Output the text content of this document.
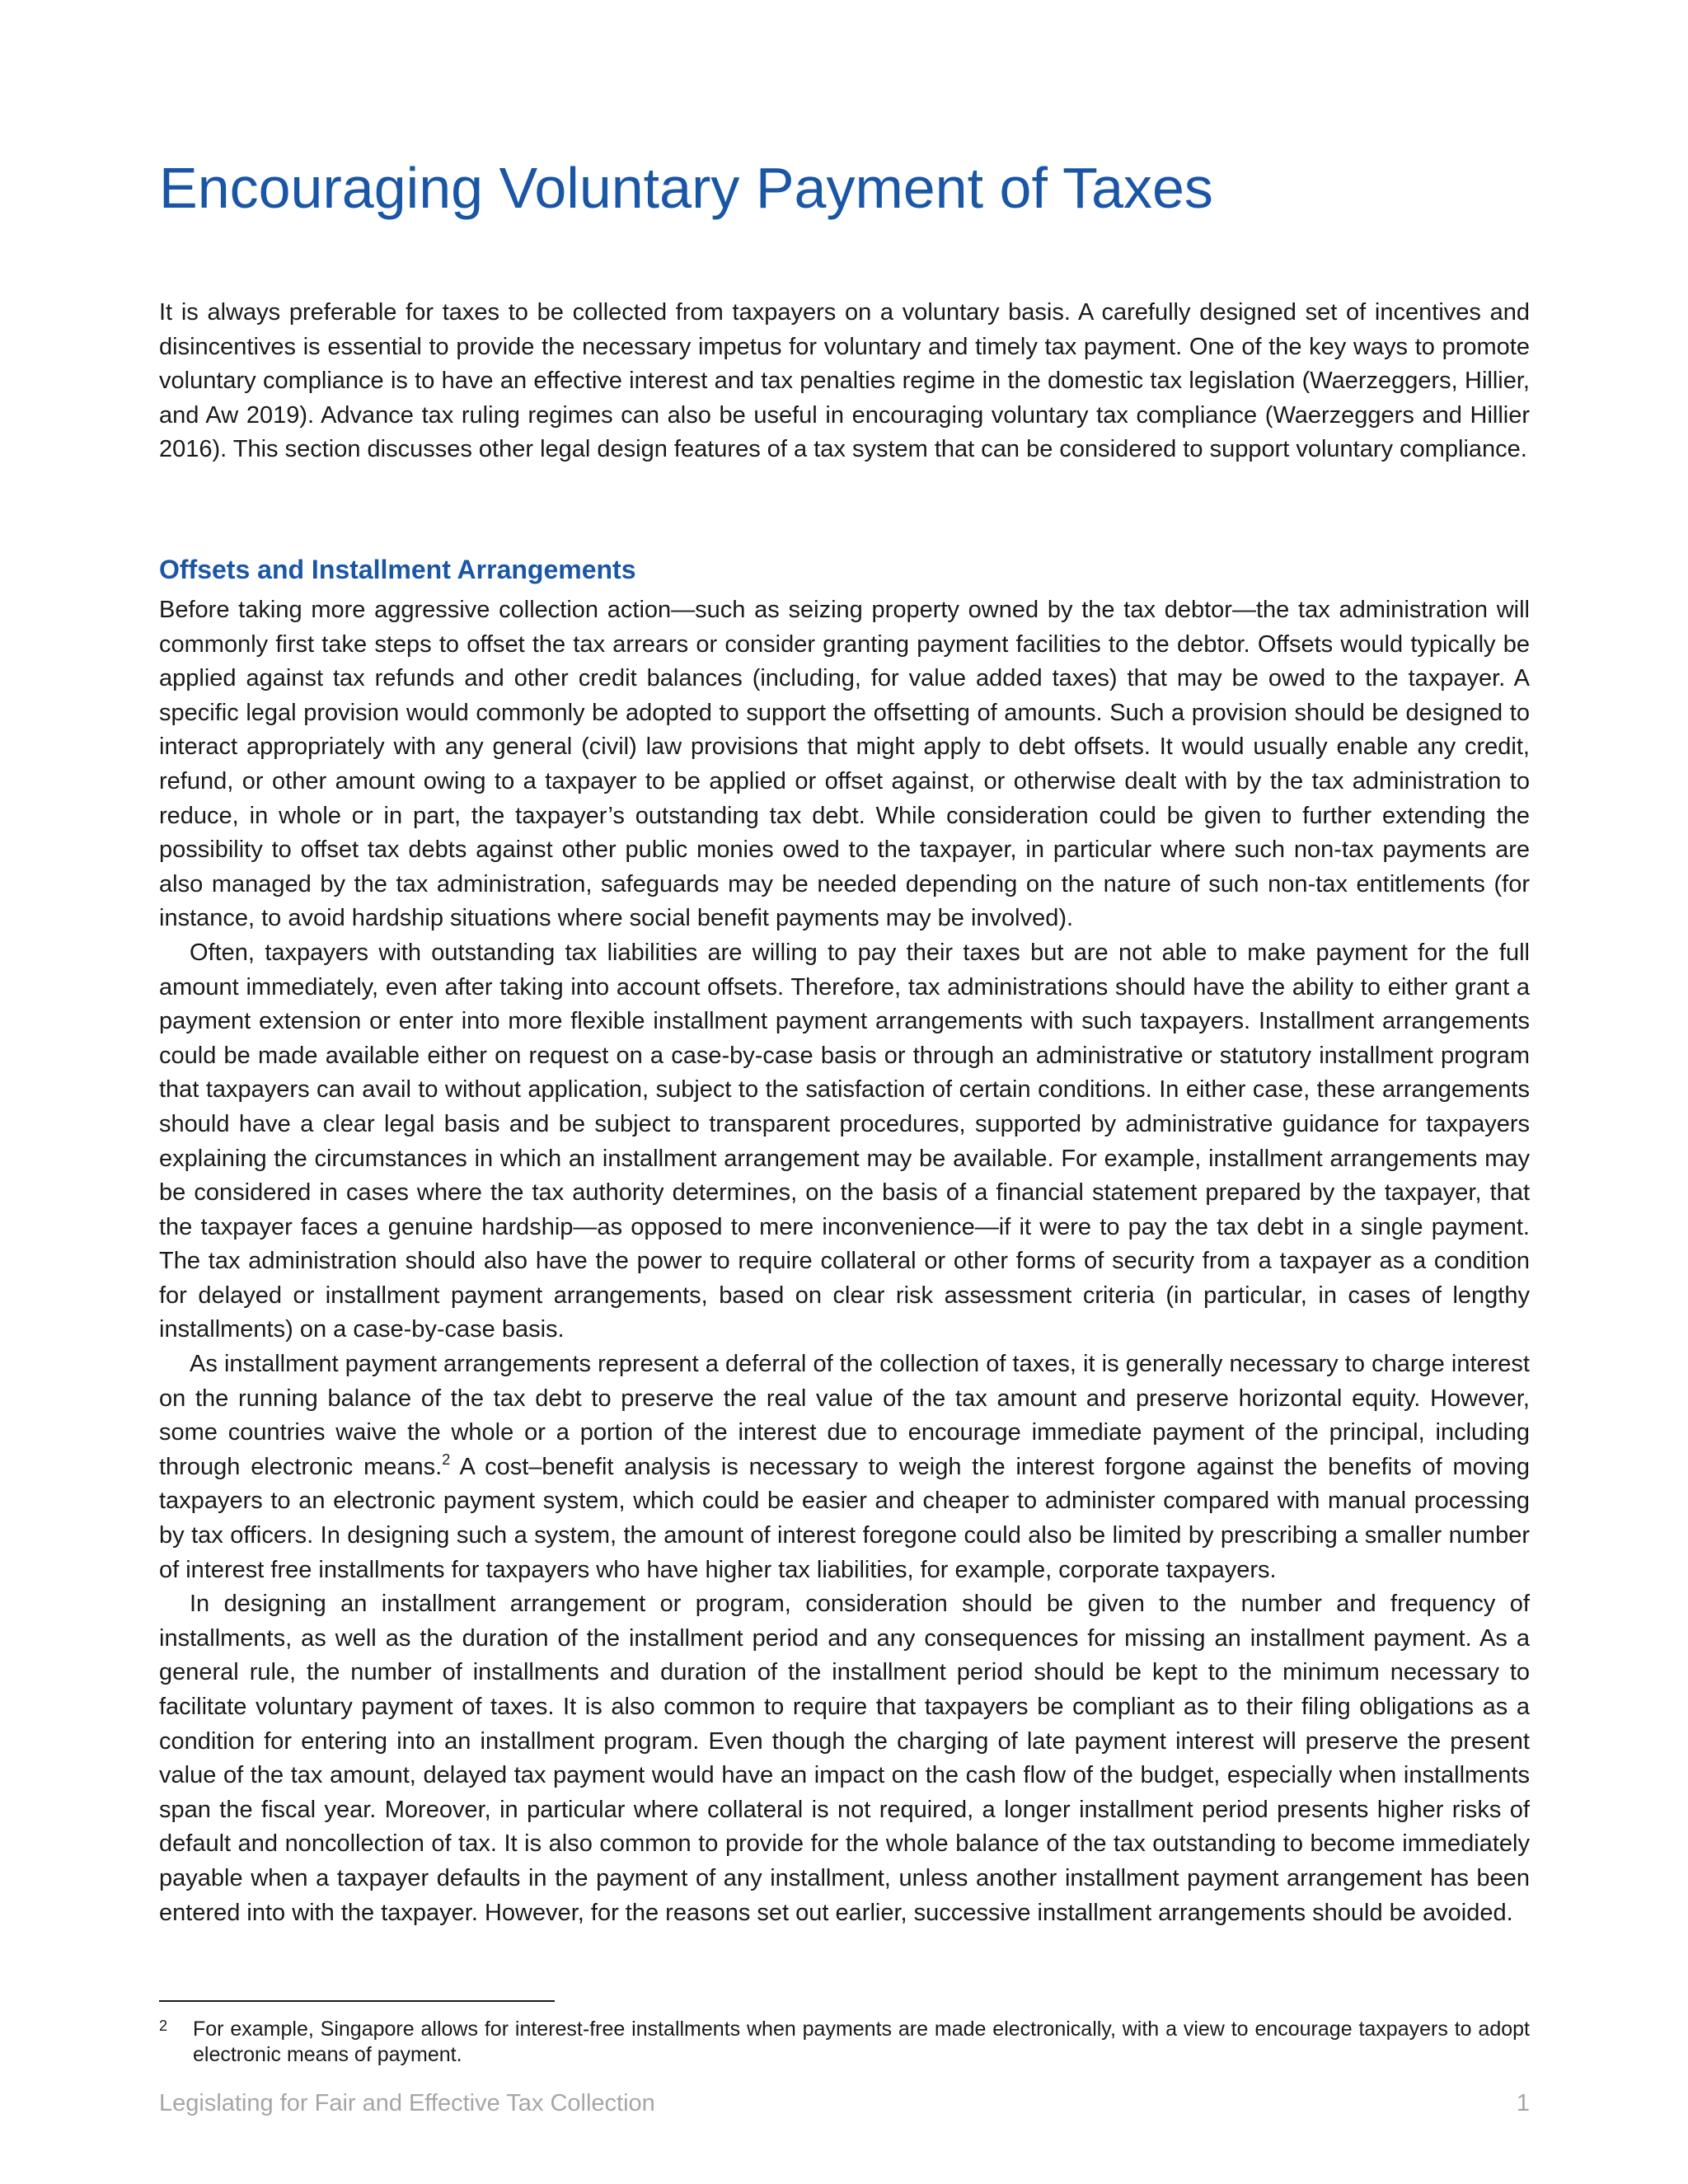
Encouraging Voluntary Payment of Taxes

It is always preferable for taxes to be collected from taxpayers on a voluntary basis. A carefully designed set of incentives and disincentives is essential to provide the necessary impetus for voluntary and timely tax payment. One of the key ways to promote voluntary compliance is to have an effective interest and tax penalties regime in the domestic tax legislation (Waerzeggers, Hillier, and Aw 2019). Advance tax ruling regimes can also be useful in encouraging voluntary tax compliance (Waerzeggers and Hillier 2016). This section discusses other legal design features of a tax system that can be considered to support voluntary compliance.

Offsets and Installment Arrangements

Before taking more aggressive collection action—such as seizing property owned by the tax debtor—the tax administration will commonly first take steps to offset the tax arrears or consider granting payment facilities to the debtor. Offsets would typically be applied against tax refunds and other credit balances (including, for value added taxes) that may be owed to the taxpayer. A specific legal provision would commonly be adopted to support the offsetting of amounts. Such a provision should be designed to interact appropriately with any general (civil) law provisions that might apply to debt offsets. It would usually enable any credit, refund, or other amount owing to a taxpayer to be applied or offset against, or otherwise dealt with by the tax administration to reduce, in whole or in part, the taxpayer’s outstanding tax debt. While consideration could be given to further extending the possibility to offset tax debts against other public monies owed to the taxpayer, in particular where such non-tax payments are also managed by the tax administration, safeguards may be needed depending on the nature of such non-tax entitlements (for instance, to avoid hardship situations where social benefit payments may be involved).

Often, taxpayers with outstanding tax liabilities are willing to pay their taxes but are not able to make payment for the full amount immediately, even after taking into account offsets. Therefore, tax administrations should have the ability to either grant a payment extension or enter into more flexible installment payment arrangements with such taxpayers. Installment arrangements could be made available either on request on a case-by-case basis or through an administrative or statutory installment program that taxpayers can avail to without application, subject to the satisfaction of certain conditions. In either case, these arrangements should have a clear legal basis and be subject to transparent procedures, supported by administrative guidance for taxpayers explaining the circumstances in which an installment arrangement may be available. For example, installment arrangements may be considered in cases where the tax authority determines, on the basis of a financial statement prepared by the taxpayer, that the taxpayer faces a genuine hardship—as opposed to mere inconvenience—if it were to pay the tax debt in a single payment. The tax administration should also have the power to require collateral or other forms of security from a taxpayer as a condition for delayed or installment payment arrangements, based on clear risk assessment criteria (in particular, in cases of lengthy installments) on a case-by-case basis.

As installment payment arrangements represent a deferral of the collection of taxes, it is generally necessary to charge interest on the running balance of the tax debt to preserve the real value of the tax amount and preserve horizontal equity. However, some countries waive the whole or a portion of the interest due to encourage immediate payment of the principal, including through electronic means.$^2$ A cost–benefit analysis is necessary to weigh the interest forgone against the benefits of moving taxpayers to an electronic payment system, which could be easier and cheaper to administer compared with manual processing by tax officers. In designing such a system, the amount of interest foregone could also be limited by prescribing a smaller number of interest free installments for taxpayers who have higher tax liabilities, for example, corporate taxpayers.

In designing an installment arrangement or program, consideration should be given to the number and frequency of installments, as well as the duration of the installment period and any consequences for missing an installment payment. As a general rule, the number of installments and duration of the installment period should be kept to the minimum necessary to facilitate voluntary payment of taxes. It is also common to require that taxpayers be compliant as to their filing obligations as a condition for entering into an installment program. Even though the charging of late payment interest will preserve the present value of the tax amount, delayed tax payment would have an impact on the cash flow of the budget, especially when installments span the fiscal year. Moreover, in particular where collateral is not required, a longer installment period presents higher risks of default and noncollection of tax. It is also common to provide for the whole balance of the tax outstanding to become immediately payable when a taxpayer defaults in the payment of any installment, unless another installment payment arrangement has been entered into with the taxpayer. However, for the reasons set out earlier, successive installment arrangements should be avoided.

2 For example, Singapore allows for interest-free installments when payments are made electronically, with a view to encourage taxpayers to adopt electronic means of payment.
Legislating for Fair and Effective Tax Collection	1
